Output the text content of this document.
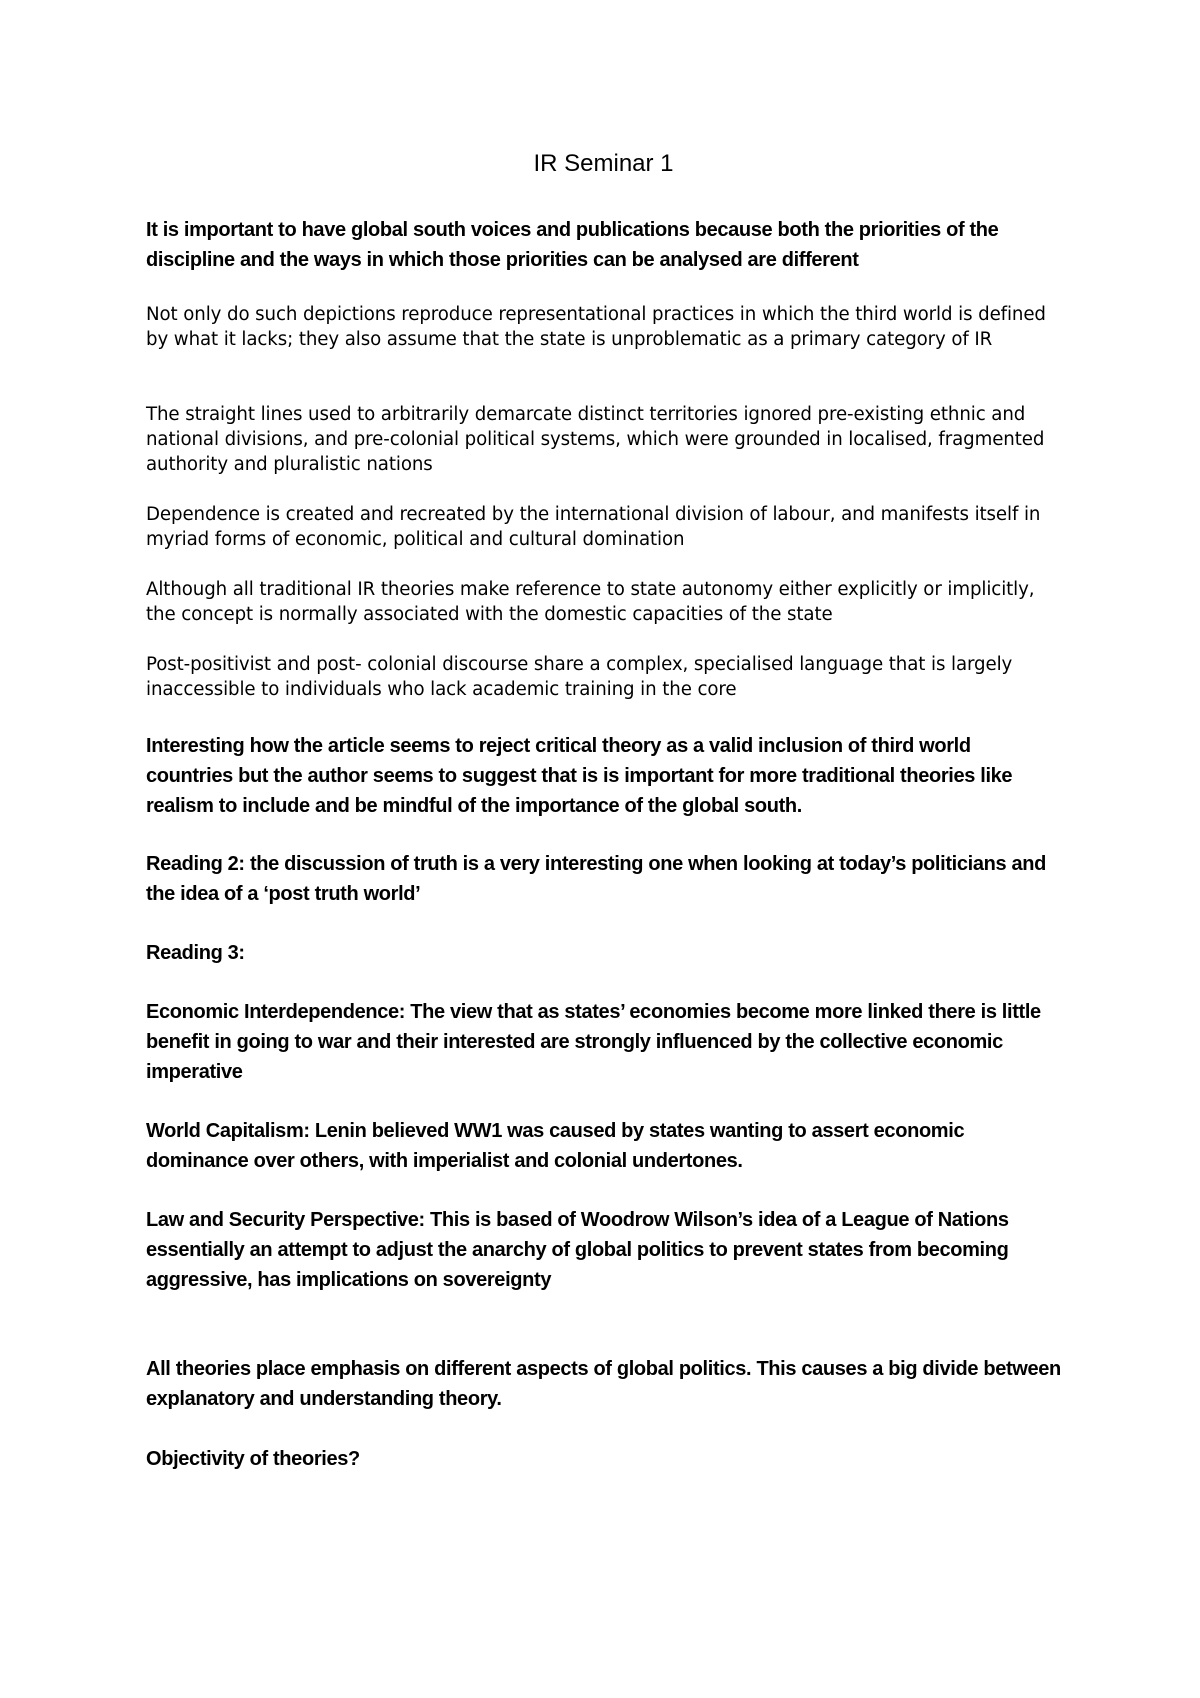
IR Seminar 1

It is important to have global south voices and publications because both the priorities of the discipline and the ways in which those priorities can be analysed are different

Not only do such depictions reproduce representational practices in which the third world is defined by what it lacks; they also assume that the state is unproblematic as a primary category of IR

The straight lines used to arbitrarily demarcate distinct territories ignored pre-existing ethnic and national divisions, and pre-colonial political systems, which were grounded in localised, fragmented authority and pluralistic nations

Dependence is created and recreated by the international division of labour, and manifests itself in myriad forms of economic, political and cultural domination

Although all traditional IR theories make reference to state autonomy either explicitly or implicitly, the concept is normally associated with the domestic capacities of the state

Post-positivist and post- colonial discourse share a complex, specialised language that is largely inaccessible to individuals who lack academic training in the core

Interesting how the article seems to reject critical theory as a valid inclusion of third world countries but the author seems to suggest that is is important for more traditional theories like realism to include and be mindful of the importance of the global south.

Reading 2: the discussion of truth is a very interesting one when looking at today’s politicians and the idea of a ‘post truth world’

Reading 3:

Economic Interdependence: The view that as states’ economies become more linked there is little benefit in going to war and their interested are strongly influenced by the collective economic imperative

World Capitalism: Lenin believed WW1 was caused by states wanting to assert economic dominance over others, with imperialist and colonial undertones.

Law and Security Perspective: This is based of Woodrow Wilson’s idea of a League of Nations essentially an attempt to adjust the anarchy of global politics to prevent states from becoming aggressive, has implications on sovereignty

All theories place emphasis on different aspects of global politics. This causes a big divide between explanatory and understanding theory.

Objectivity of theories?
